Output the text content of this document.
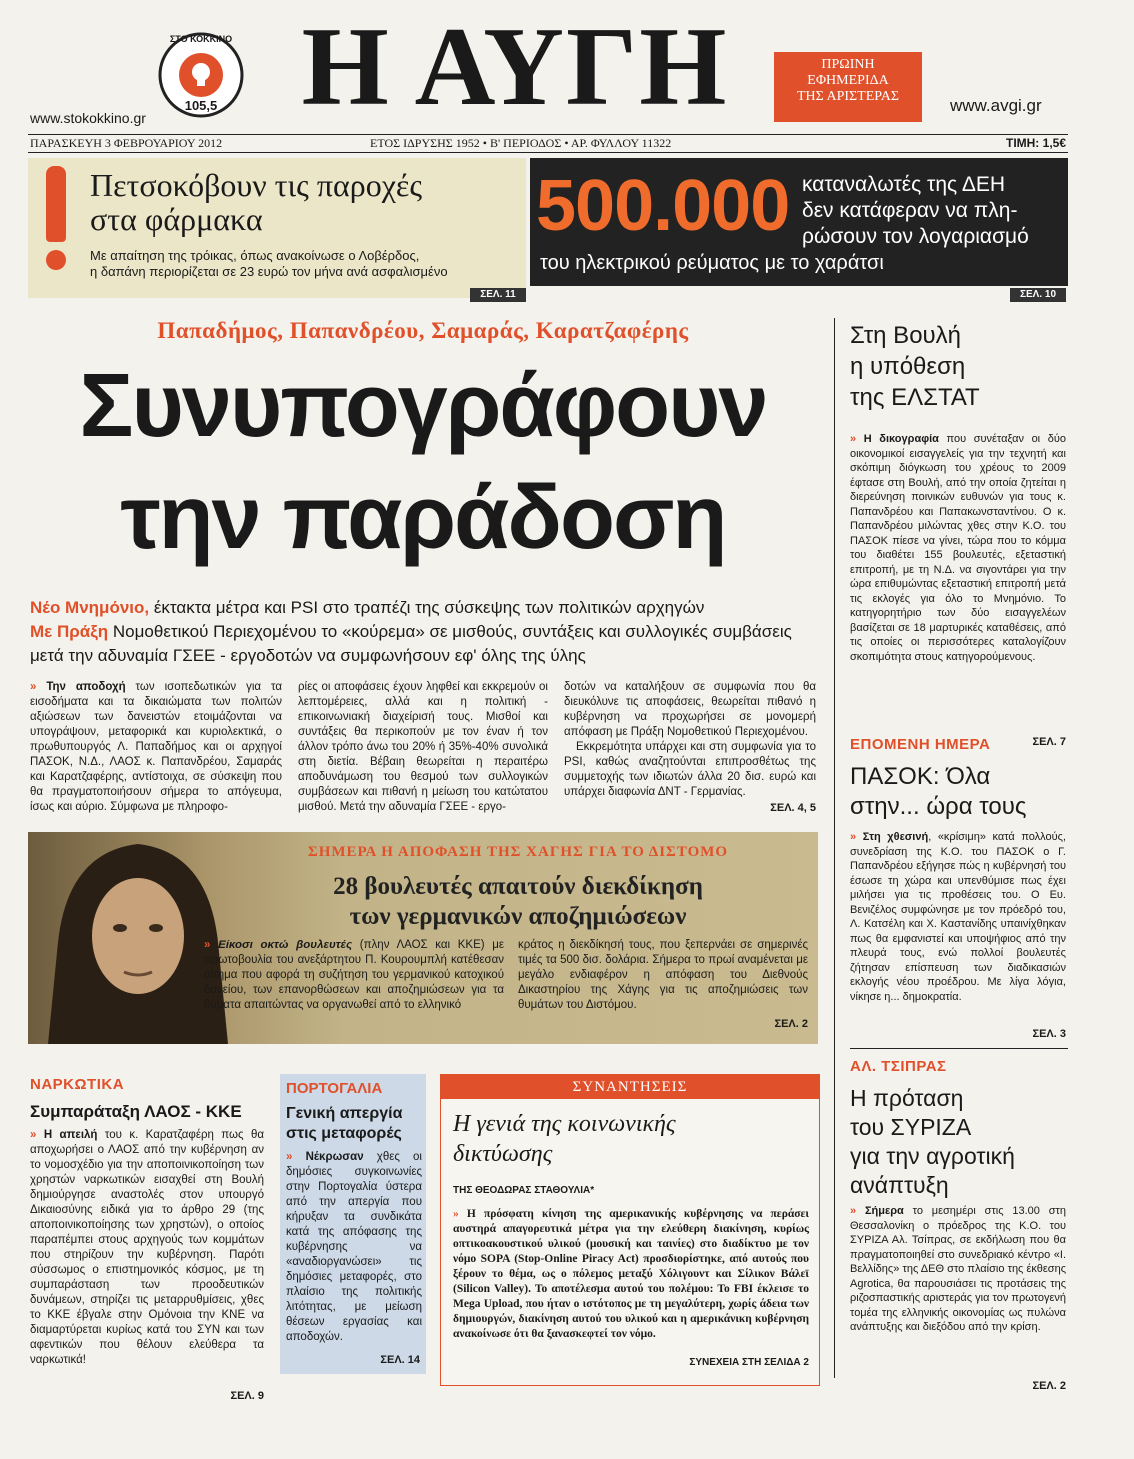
www.stokokkino.gr
ΣΤΟ ΚΟΚΚΙΝΟ
105,5 Η ΑΥΓΗ	ΠΡΩΙΝΗ
ΕΦΗΜΕΡΙΔΑ
ΤΗΣ ΑΡΙΣΤΕΡΑΣ	www.avgi.gr
ΠΑΡΑΣΚΕΥΗ 3 ΦΕΒΡΟΥΑΡΙΟΥ 2012	ΕΤΟΣ ΙΔΡΥΣΗΣ 1952 • Β' ΠΕΡΙΟΔΟΣ • ΑΡ. ΦΥΛΛΟΥ 11322	ΤΙΜΗ: 1,5€
Πετσοκόβουν τις παροχές
στα φάρμακα
Με απαίτηση της τρόικας, όπως ανακοίνωσε ο Λοβέρδος,
η δαπάνη περιορίζεται σε 23 ευρώ τον μήνα ανά ασφαλισμένο
ΣΕΛ. 11
500.000 καταναλωτές της ΔΕΗ
δεν κατάφεραν να πλη-
ρώσουν τον λογαριασμό
του ηλεκτρικού ρεύματος με το χαράτσι
ΣΕΛ. 10
Παπαδήμος, Παπανδρέου, Σαμαράς, Καρατζαφέρης
Συνυπογράφουν
την παράδοση
Νέο Μνημόνιο, έκτακτα μέτρα και PSI στο τραπέζι της σύσκεψης των πολιτικών αρχηγών
Με Πράξη Νομοθετικού Περιεχομένου το «κούρεμα» σε μισθούς, συντάξεις και συλλογικές συμβάσεις μετά την αδυναμία ΓΣΕΕ - εργοδοτών να συμφωνήσουν εφ' όλης της ύλης
» Την αποδοχή των ισοπεδωτικών για τα εισοδήματα και τα δικαιώματα των πολιτών αξιώσεων των δανειστών ετοιμάζονται να υπογράψουν, μεταφορικά και κυριολεκτικά, ο πρωθυπουργός Λ. Παπαδήμος και οι αρχηγοί ΠΑΣΟΚ, Ν.Δ., ΛΑΟΣ κ. Παπανδρέου, Σαμαράς και Καρατζαφέρης, αντίστοιχα, σε σύσκεψη που θα πραγματοποιήσουν σήμερα το απόγευμα, ίσως και αύριο. Σύμφωνα με πληροφο-
ρίες οι αποφάσεις έχουν ληφθεί και εκκρεμούν οι λεπτομέρειες, αλλά και η πολιτική - επικοινωνιακή διαχείρισή τους. Μισθοί και συντάξεις θα περικοπούν με τον έναν ή τον άλλον τρόπο άνω του 20% ή 35%-40% συνολικά στη διετία. Βέβαιη θεωρείται η περαιτέρω αποδυνάμωση του θεσμού των συλλογικών συμβάσεων και πιθανή η μείωση του κατώτατου μισθού. Μετά την αδυναμία ΓΣΕΕ - εργο-
δοτών να καταλήξουν σε συμφωνία που θα διευκόλυνε τις αποφάσεις, θεωρείται πιθανό η κυβέρνηση να προχωρήσει σε μονομερή απόφαση με Πράξη Νομοθετικού Περιεχομένου.
Εκκρεμότητα υπάρχει και στη συμφωνία για το PSI, καθώς αναζητούνται επιπροσθέτως της συμμετοχής των ιδιωτών άλλα 20 δισ. ευρώ και υπάρχει διαφωνία ΔΝΤ - Γερμανίας.
ΣΕΛ. 4, 5
ΣΗΜΕΡΑ Η ΑΠΟΦΑΣΗ ΤΗΣ ΧΑΓΗΣ ΓΙΑ ΤΟ ΔΙΣΤΟΜΟ
28 βουλευτές απαιτούν διεκδίκηση
των γερμανικών αποζημιώσεων
» Είκοσι οκτώ βουλευτές (πλην ΛΑΟΣ και ΚΚΕ) με πρωτοβουλία του ανεξάρτητου Π. Κουρουμπλή κατέθεσαν αίτημα που αφορά τη συζήτηση του γερμανικού κατοχικού δανείου, των επανορθώσεων και αποζημιώσεων για τα θύματα απαιτώντας να οργανωθεί από το ελληνικό
κράτος η διεκδίκησή τους, που ξεπερνάει σε σημερινές τιμές τα 500 δισ. δολάρια. Σήμερα το πρωί αναμένεται με μεγάλο ενδιαφέρον η απόφαση του Διεθνούς Δικαστηρίου της Χάγης για τις αποζημιώσεις των θυμάτων του Διστόμου.
ΣΕΛ. 2
ΝΑΡΚΩΤΙΚΑ
Συμπαράταξη ΛΑΟΣ - ΚΚΕ
» Η απειλή του κ. Καρατζαφέρη πως θα αποχωρήσει ο ΛΑΟΣ από την κυβέρνηση αν το νομοσχέδιο για την αποποινικοποίηση των χρηστών ναρκωτικών εισαχθεί στη Βουλή δημιούργησε αναστολές στον υπουργό Δικαιοσύνης ειδικά για το άρθρο 29 (της αποποινικοποίησης των χρηστών), ο οποίος παραπέμπει στους αρχηγούς των κομμάτων που στηρίζουν την κυβέρνηση. Παρότι σύσσωμος ο επιστημονικός κόσμος, με τη συμπαράσταση των προοδευτικών δυνάμεων, στηρίζει τις μεταρρυθμίσεις, χθες το ΚΚΕ έβγαλε στην Ομόνοια την ΚΝΕ να διαμαρτύρεται κυρίως κατά του ΣΥΝ και των αφεντικών που θέλουν ελεύθερα τα ναρκωτικά!
ΣΕΛ. 9
ΠΟΡΤΟΓΑΛΙΑ
Γενική απεργία
στις μεταφορές
» Νέκρωσαν χθες οι δημόσιες συγκοινωνίες στην Πορτογαλία ύστερα από την απεργία που κήρυξαν τα συνδικάτα κατά της απόφασης της κυβέρνησης να «αναδιοργανώσει» τις δημόσιες μεταφορές, στο πλαίσιο της πολιτικής λιτότητας, με μείωση θέσεων εργασίας και αποδοχών.
ΣΕΛ. 14
ΣΥΝΑΝΤΗΣΕΙΣ
Η γενιά της κοινωνικής
δικτύωσης
ΤΗΣ ΘΕΟΔΩΡΑΣ ΣΤΑΘΟΥΛΙΑ*
» Η πρόσφατη κίνηση της αμερικανικής κυβέρνησης να περάσει αυστηρά απαγορευτικά μέτρα για την ελεύθερη διακίνηση, κυρίως οπτικοακουστικού υλικού (μουσική και ταινίες) στο διαδίκτυο με τον νόμο SOPA (Stop-Online Piracy Act) προσδιορίστηκε, από αυτούς που ξέρουν το θέμα, ως ο πόλεμος μεταξύ Χόλιγουντ και Σίλικον Βάλεϊ (Silicon Valley). Το αποτέλεσμα αυτού του πολέμου: Το FBI έκλεισε το Mega Upload, που ήταν ο ιστότοπος με τη μεγαλύτερη, χωρίς άδεια των δημιουργών, διακίνηση αυτού του υλικού και η αμερικάνικη κυβέρνηση ανακοίνωσε ότι θα ξανασκεφτεί τον νόμο.
ΣΥΝΕΧΕΙΑ ΣΤΗ ΣΕΛΙΔΑ 2
Στη Βουλή
η υπόθεση
της ΕΛΣΤΑΤ
» Η δικογραφία που συνέταξαν οι δύο οικονομικοί εισαγγελείς για την τεχνητή και σκόπιμη διόγκωση του χρέους το 2009 έφτασε στη Βουλή, από την οποία ζητείται η διερεύνηση ποινικών ευθυνών για τους κ. Παπανδρέου και Παπακωνσταντίνου. Ο κ. Παπανδρέου μιλώντας χθες στην Κ.Ο. του ΠΑΣΟΚ πίεσε να γίνει, τώρα που το κόμμα του διαθέτει 155 βουλευτές, εξεταστική επιτροπή, με τη Ν.Δ. να σιγοντάρει για την ώρα επιθυμώντας εξεταστική επιτροπή μετά τις εκλογές για όλο το Μνημόνιο. Το κατηγορητήριο των δύο εισαγγελέων βασίζεται σε 18 μαρτυρικές καταθέσεις, από τις οποίες οι περισσότερες καταλογίζουν σκοπιμότητα στους κατηγορούμενους.
ΣΕΛ. 7
ΕΠΟΜΕΝΗ ΗΜΕΡΑ
ΠΑΣΟΚ: Όλα
στην... ώρα τους
» Στη χθεσινή, «κρίσιμη» κατά πολλούς, συνεδρίαση της Κ.Ο. του ΠΑΣΟΚ ο Γ. Παπανδρέου εξήγησε πώς η κυβέρνησή του έσωσε τη χώρα και υπενθύμισε πως έχει μιλήσει για τις προθέσεις του. Ο Ευ. Βενιζέλος συμφώνησε με τον πρόεδρό του, Λ. Κατσέλη και Χ. Καστανίδης υπαινίχθηκαν πως θα εμφανιστεί και υποψήφιος από την πλευρά τους, ενώ πολλοί βουλευτές ζήτησαν επίσπευση των διαδικασιών εκλογής νέου προέδρου. Με λίγα λόγια, νίκησε η... δημοκρατία.
ΣΕΛ. 3
ΑΛ. ΤΣΙΠΡΑΣ
Η πρόταση
του ΣΥΡΙΖΑ
για την αγροτική
ανάπτυξη
» Σήμερα το μεσημέρι στις 13.00 στη Θεσσαλονίκη ο πρόεδρος της Κ.Ο. του ΣΥΡΙΖΑ Αλ. Τσίπρας, σε εκδήλωση που θα πραγματοποιηθεί στο συνεδριακό κέντρο «Ι. Βελλίδης» της ΔΕΘ στο πλαίσιο της έκθεσης Agrotica, θα παρουσιάσει τις προτάσεις της ριζοσπαστικής αριστεράς για τον πρωτογενή τομέα της ελληνικής οικονομίας ως πυλώνα ανάπτυξης και διεξόδου από την κρίση.
ΣΕΛ. 2
